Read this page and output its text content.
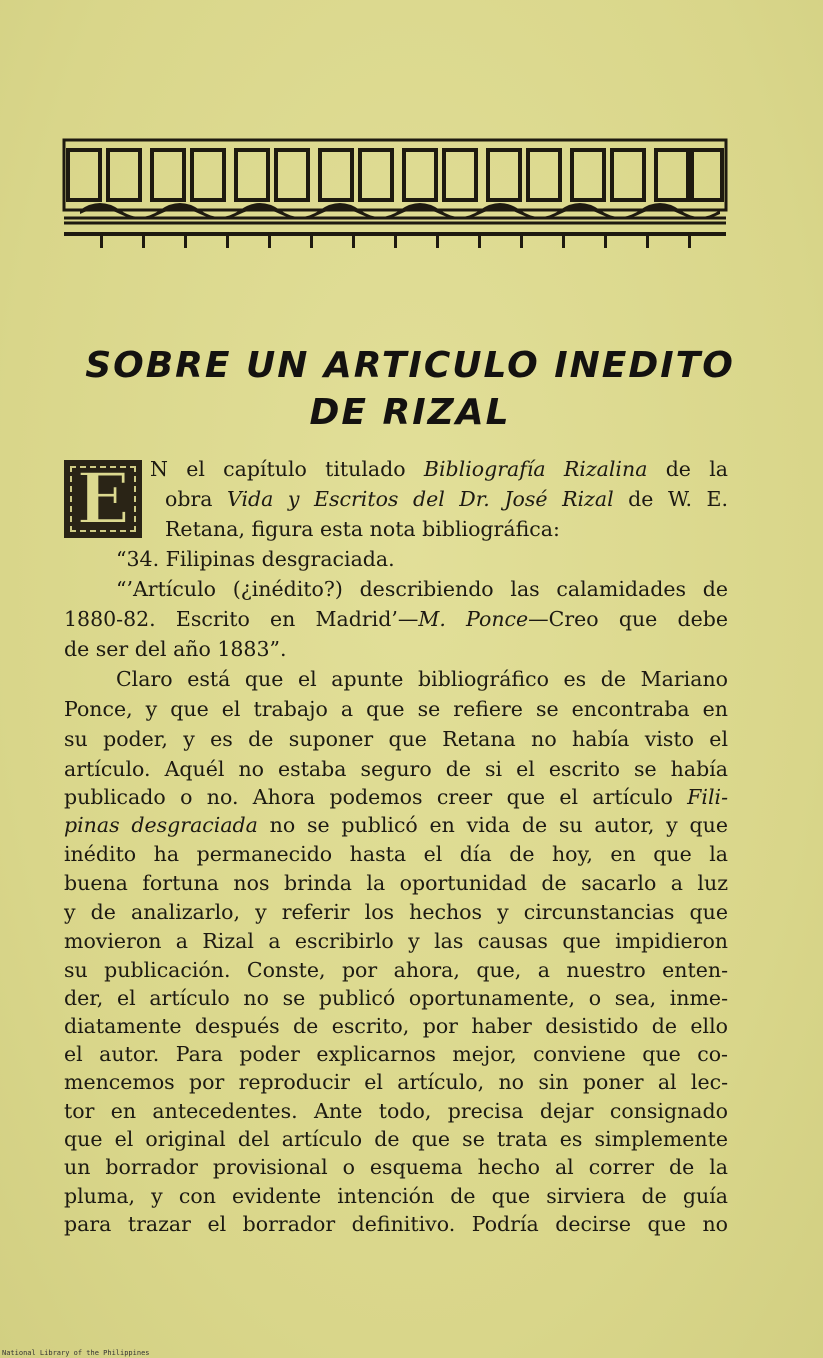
SOBRE UN ARTICULO INEDITO
DE RIZAL
E N el capítulo titulado Bibliografía Rizalina de la
obra Vida y Escritos del Dr. José Rizal de W. E.
Retana, figura esta nota bibliográfica:
“34. Filipinas desgraciada.
“’Artículo (¿inédito?) describiendo las calamidades de
1880-82. Escrito en Madrid’—M. Ponce—Creo que debe
de ser del año 1883”.
Claro está que el apunte bibliográfico es de Mariano
Ponce, y que el trabajo a que se refiere se encontraba en
su poder, y es de suponer que Retana no había visto el
artículo. Aquél no estaba seguro de si el escrito se había
publicado o no. Ahora podemos creer que el artículo Fili-
pinas desgraciada no se publicó en vida de su autor, y que
inédito ha permanecido hasta el día de hoy, en que la
buena fortuna nos brinda la oportunidad de sacarlo a luz
y de analizarlo, y referir los hechos y circunstancias que
movieron a Rizal a escribirlo y las causas que impidieron
su publicación. Conste, por ahora, que, a nuestro enten-
der, el artículo no se publicó oportunamente, o sea, inme-
diatamente después de escrito, por haber desistido de ello
el autor. Para poder explicarnos mejor, conviene que co-
mencemos por reproducir el artículo, no sin poner al lec-
tor en antecedentes. Ante todo, precisa dejar consignado
que el original del artículo de que se trata es simplemente
un borrador provisional o esquema hecho al correr de la
pluma, y con evidente intención de que sirviera de guía
para trazar el borrador definitivo. Podría decirse que no
National Library of the Philippines
